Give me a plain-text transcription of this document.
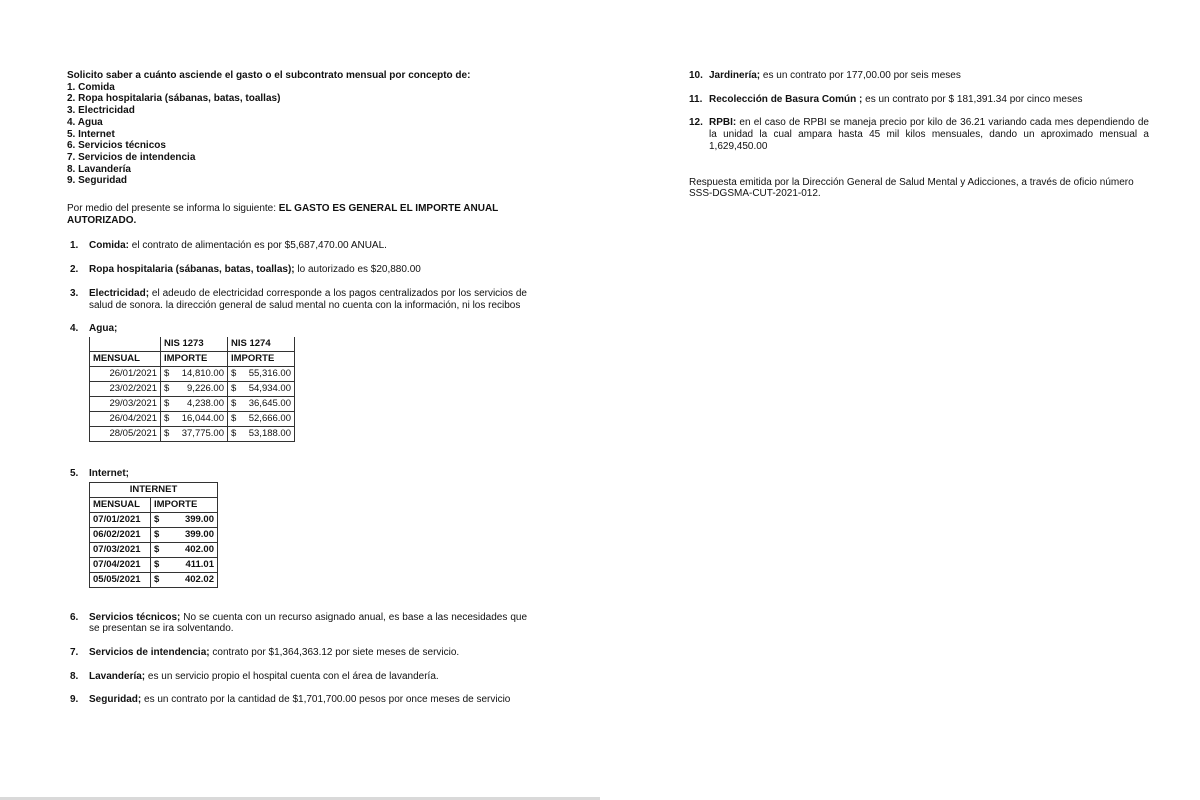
Solicito saber a cuánto asciende el gasto o el subcontrato mensual por concepto de:
1. Comida
2. Ropa hospitalaria (sábanas, batas, toallas)
3. Electricidad
4. Agua
5. Internet
6. Servicios técnicos
7. Servicios de intendencia
8. Lavandería
9. Seguridad
Por medio del presente se informa lo siguiente: EL GASTO ES GENERAL EL IMPORTE ANUAL AUTORIZADO.
1. Comida: el contrato de alimentación es por $5,687,470.00 ANUAL.
2. Ropa hospitalaria (sábanas, batas, toallas); lo autorizado es $20,880.00
3. Electricidad; el adeudo de electricidad corresponde a los pagos centralizados por los servicios de salud de sonora. la dirección general de salud mental no cuenta con la información, ni los recibos
4. Agua;
	NIS 1273	NIS 1274
MENSUAL	IMPORTE	IMPORTE
26/01/2021	$ 14,810.00	$ 55,316.00

23/02/2021	$ 9,226.00	$ 54,934.00

29/03/2021	$ 4,238.00	$ 36,645.00

26/04/2021	$ 16,044.00	$ 52,666.00

28/05/2021	$ 37,775.00	$ 53,188.00
5. Internet;
INTERNET	
MENSUAL	IMPORTE
07/01/2021	$ 399.00

06/02/2021	$ 399.00

07/03/2021	$ 402.00

07/04/2021	$ 411.01

05/05/2021	$ 402.02
6. Servicios técnicos; No se cuenta con un recurso asignado anual, es base a las necesidades que se presentan se ira solventando.
7. Servicios de intendencia; contrato por $1,364,363.12 por siete meses de servicio.
8. Lavandería; es un servicio propio el hospital cuenta con el área de lavandería.
9. Seguridad; es un contrato por la cantidad de $1,701,700.00 pesos por once meses de servicio
10. Jardinería; es un contrato por 177,00.00 por seis meses
11. Recolección de Basura Común ; es un contrato por $ 181,391.34 por cinco meses
12. RPBI: en el caso de RPBI se maneja precio por kilo de 36.21 variando cada mes dependiendo de la unidad la cual ampara hasta 45 mil kilos mensuales, dando un aproximado mensual a 1,629,450.00
Respuesta emitida por la Dirección General de Salud Mental y Adicciones, a través de oficio número SSS-DGSMA-CUT-2021-012.
